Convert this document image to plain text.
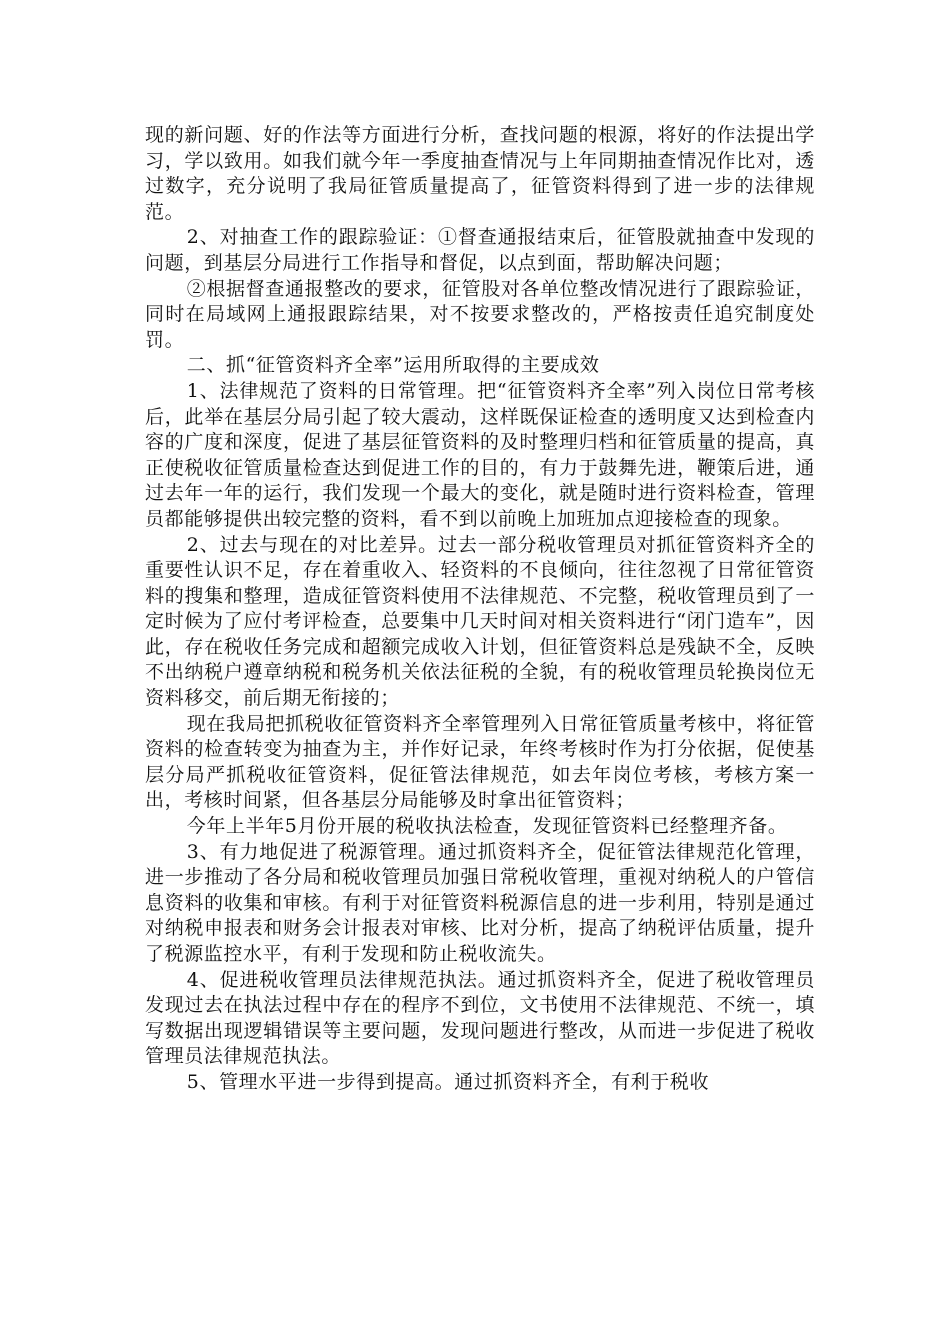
现的新问题、好的作法等方面进行分析，查找问题的根源，将好的作法提出学习，学以致用。如我们就今年一季度抽查情况与上年同期抽查情况作比对，透过数字，充分说明了我局征管质量提高了，征管资料得到了进一步的法律规范。

2、对抽查工作的跟踪验证：①督查通报结束后，征管股就抽查中发现的问题，到基层分局进行工作指导和督促，以点到面，帮助解决问题；

②根据督查通报整改的要求，征管股对各单位整改情况进行了跟踪验证，同时在局域网上通报跟踪结果，对不按要求整改的，严格按责任追究制度处罚。

二、抓“征管资料齐全率”运用所取得的主要成效

1、法律规范了资料的日常管理。把“征管资料齐全率”列入岗位日常考核后，此举在基层分局引起了较大震动，这样既保证检查的透明度又达到检查内容的广度和深度，促进了基层征管资料的及时整理归档和征管质量的提高，真正使税收征管质量检查达到促进工作的目的，有力于鼓舞先进，鞭策后进，通过去年一年的运行，我们发现一个最大的变化，就是随时进行资料检查，管理员都能够提供出较完整的资料，看不到以前晚上加班加点迎接检查的现象。

2、过去与现在的对比差异。过去一部分税收管理员对抓征管资料齐全的重要性认识不足，存在着重收入、轻资料的不良倾向，往往忽视了日常征管资料的搜集和整理，造成征管资料使用不法律规范、不完整，税收管理员到了一定时候为了应付考评检查，总要集中几天时间对相关资料进行“闭门造车”，因此，存在税收任务完成和超额完成收入计划，但征管资料总是残缺不全，反映不出纳税户遵章纳税和税务机关依法征税的全貌，有的税收管理员轮换岗位无资料移交，前后期无衔接的；

现在我局把抓税收征管资料齐全率管理列入日常征管质量考核中，将征管资料的检查转变为抽查为主，并作好记录，年终考核时作为打分依据，促使基层分局严抓税收征管资料，促征管法律规范，如去年岗位考核，考核方案一出，考核时间紧，但各基层分局能够及时拿出征管资料；

今年上半年5月份开展的税收执法检查，发现征管资料已经整理齐备。

3、有力地促进了税源管理。通过抓资料齐全，促征管法律规范化管理，进一步推动了各分局和税收管理员加强日常税收管理，重视对纳税人的户管信息资料的收集和审核。有利于对征管资料税源信息的进一步利用，特别是通过对纳税申报表和财务会计报表对审核、比对分析，提高了纳税评估质量，提升了税源监控水平，有利于发现和防止税收流失。

4、促进税收管理员法律规范执法。通过抓资料齐全，促进了税收管理员发现过去在执法过程中存在的程序不到位，文书使用不法律规范、不统一，填写数据出现逻辑错误等主要问题，发现问题进行整改，从而进一步促进了税收管理员法律规范执法。

5、管理水平进一步得到提高。通过抓资料齐全，有利于税收
